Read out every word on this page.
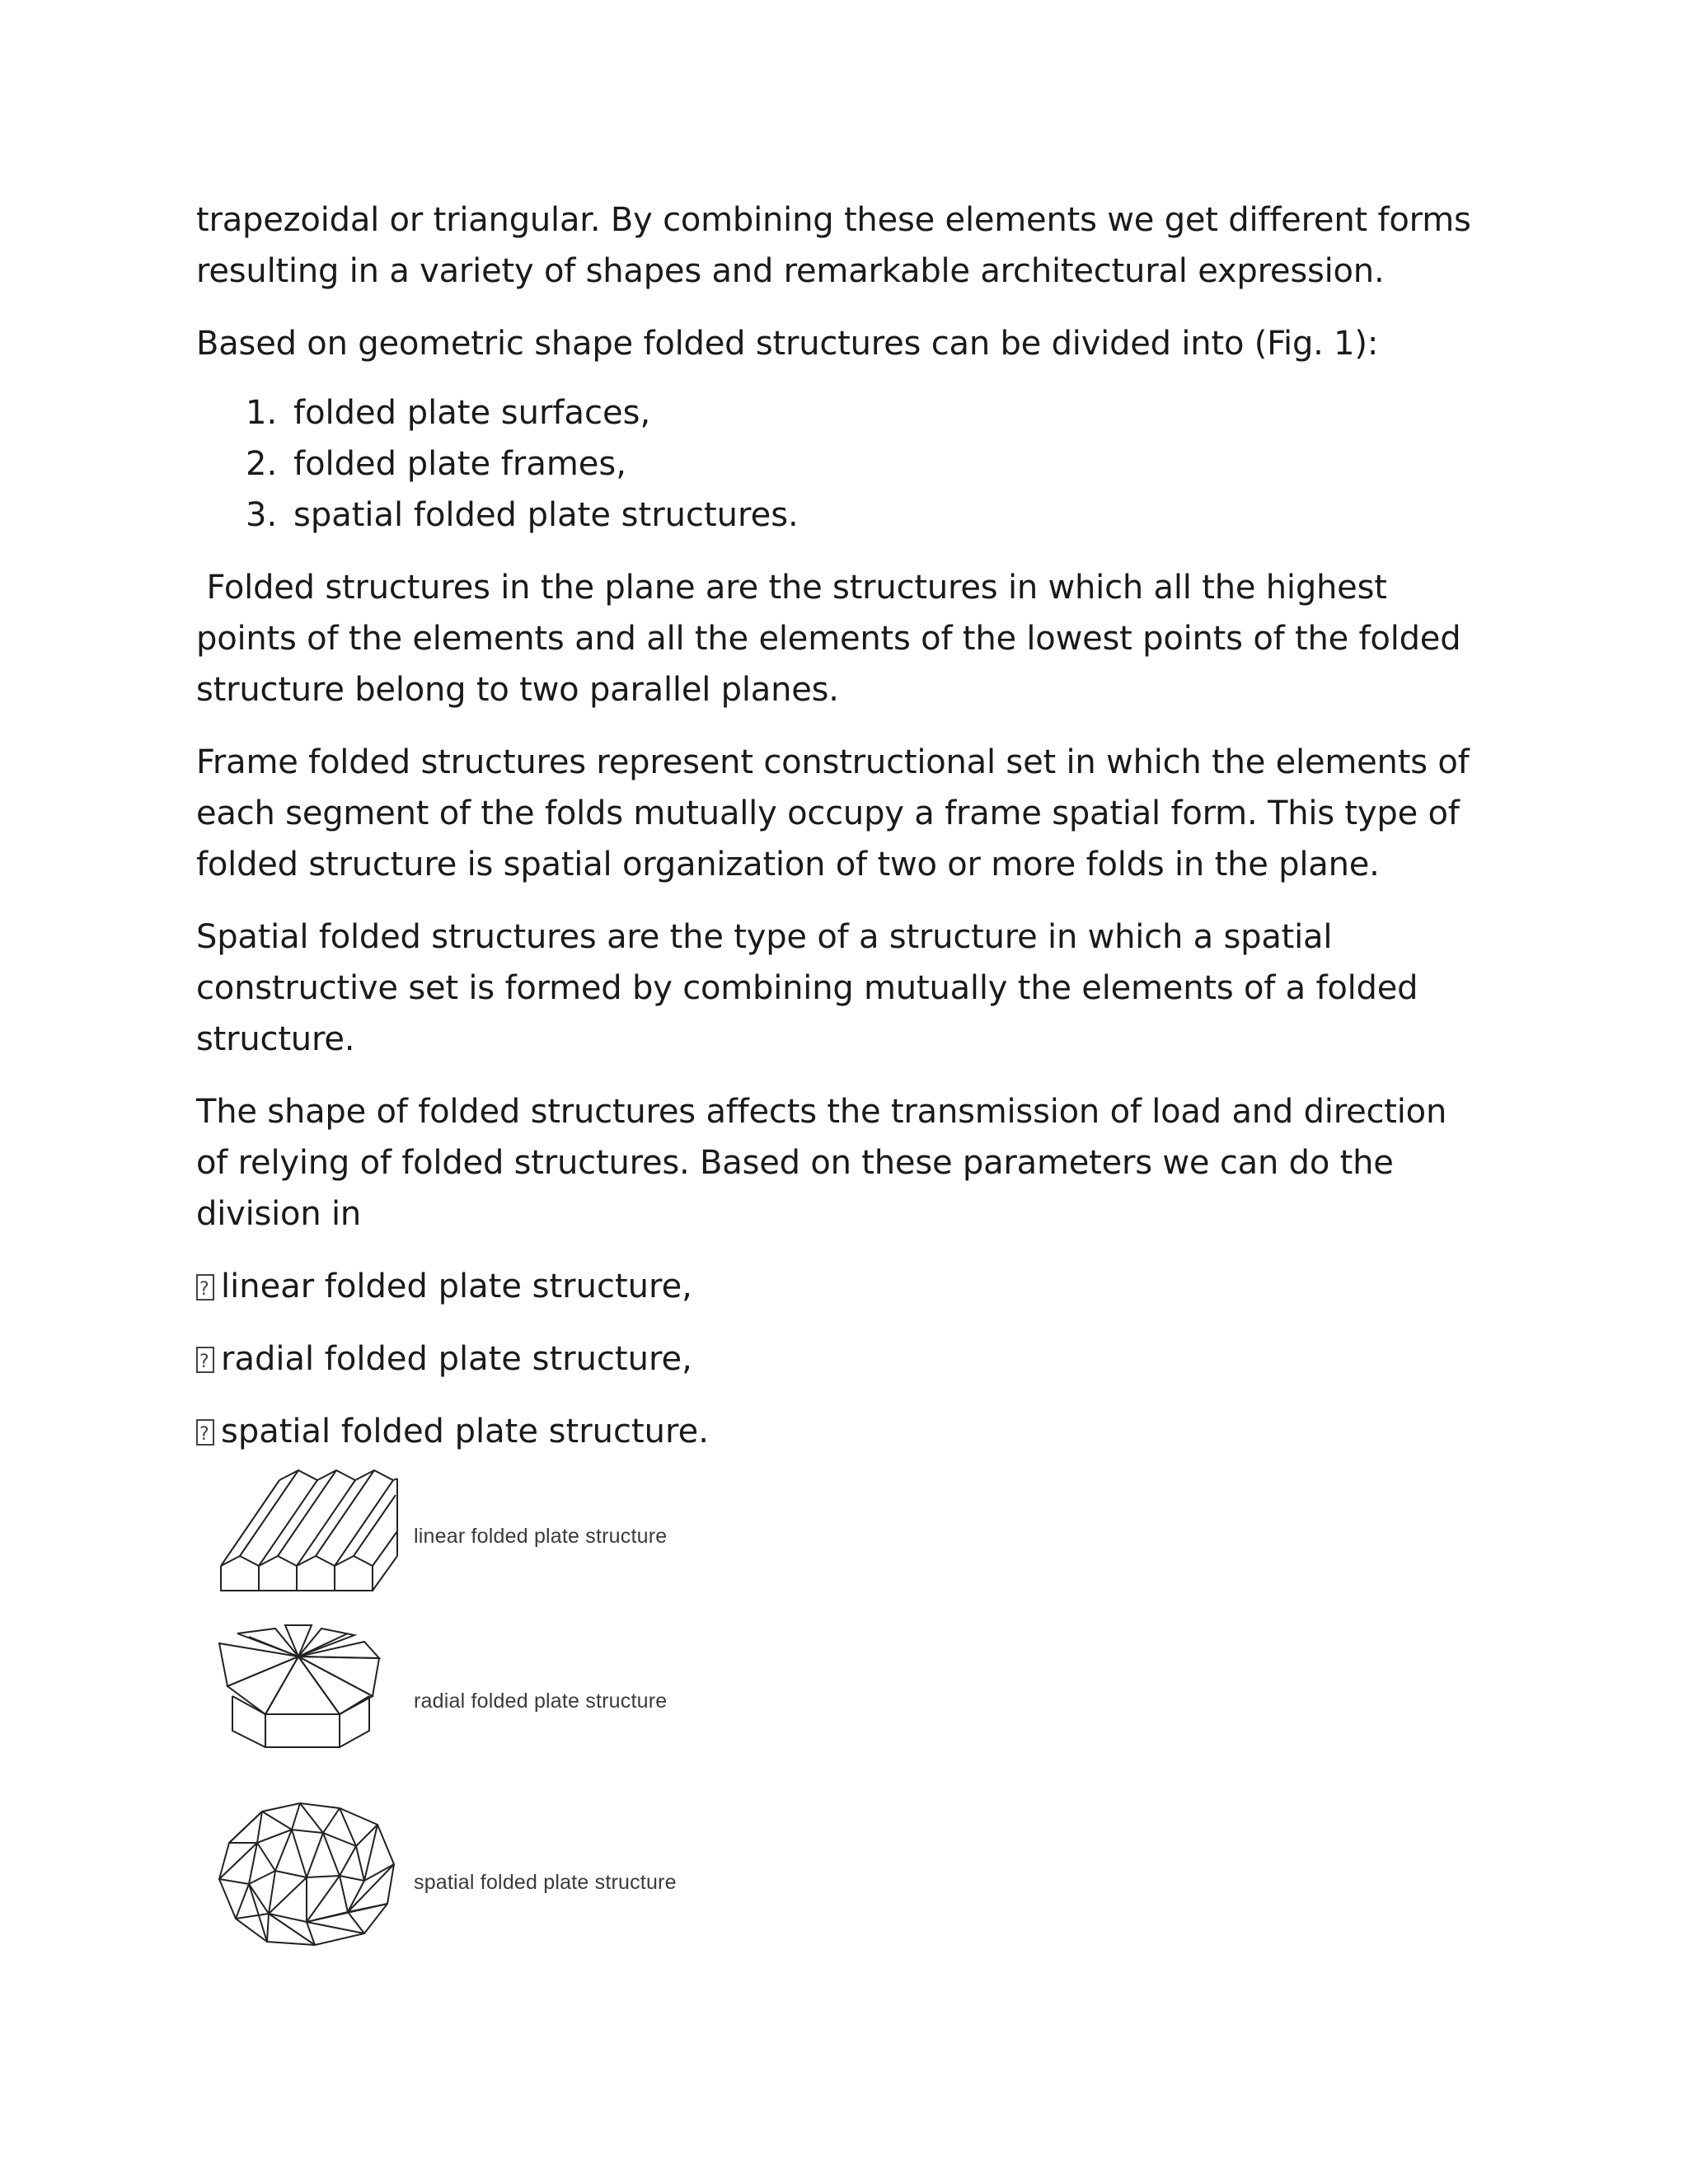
trapezoidal or triangular. By combining these elements we get different forms resulting in a variety of shapes and remarkable architectural expression.

Based on geometric shape folded structures can be divided into (Fig. 1):

1. folded plate surfaces,
2. folded plate frames,
3. spatial folded plate structures.

Folded structures in the plane are the structures in which all the highest points of the elements and all the elements of the lowest points of the folded structure belong to two parallel planes.

Frame folded structures represent constructional set in which the elements of each segment of the folds mutually occupy a frame spatial form. This type of folded structure is spatial organization of two or more folds in the plane.

Spatial folded structures are the type of a structure in which a spatial constructive set is formed by combining mutually the elements of a folded structure.

The shape of folded structures affects the transmission of load and direction of relying of folded structures. Based on these parameters we can do the division in

?linear folded plate structure,
?radial folded plate structure,
?spatial folded plate structure.
linear folded plate structure
radial folded plate structure
spatial folded plate structure
